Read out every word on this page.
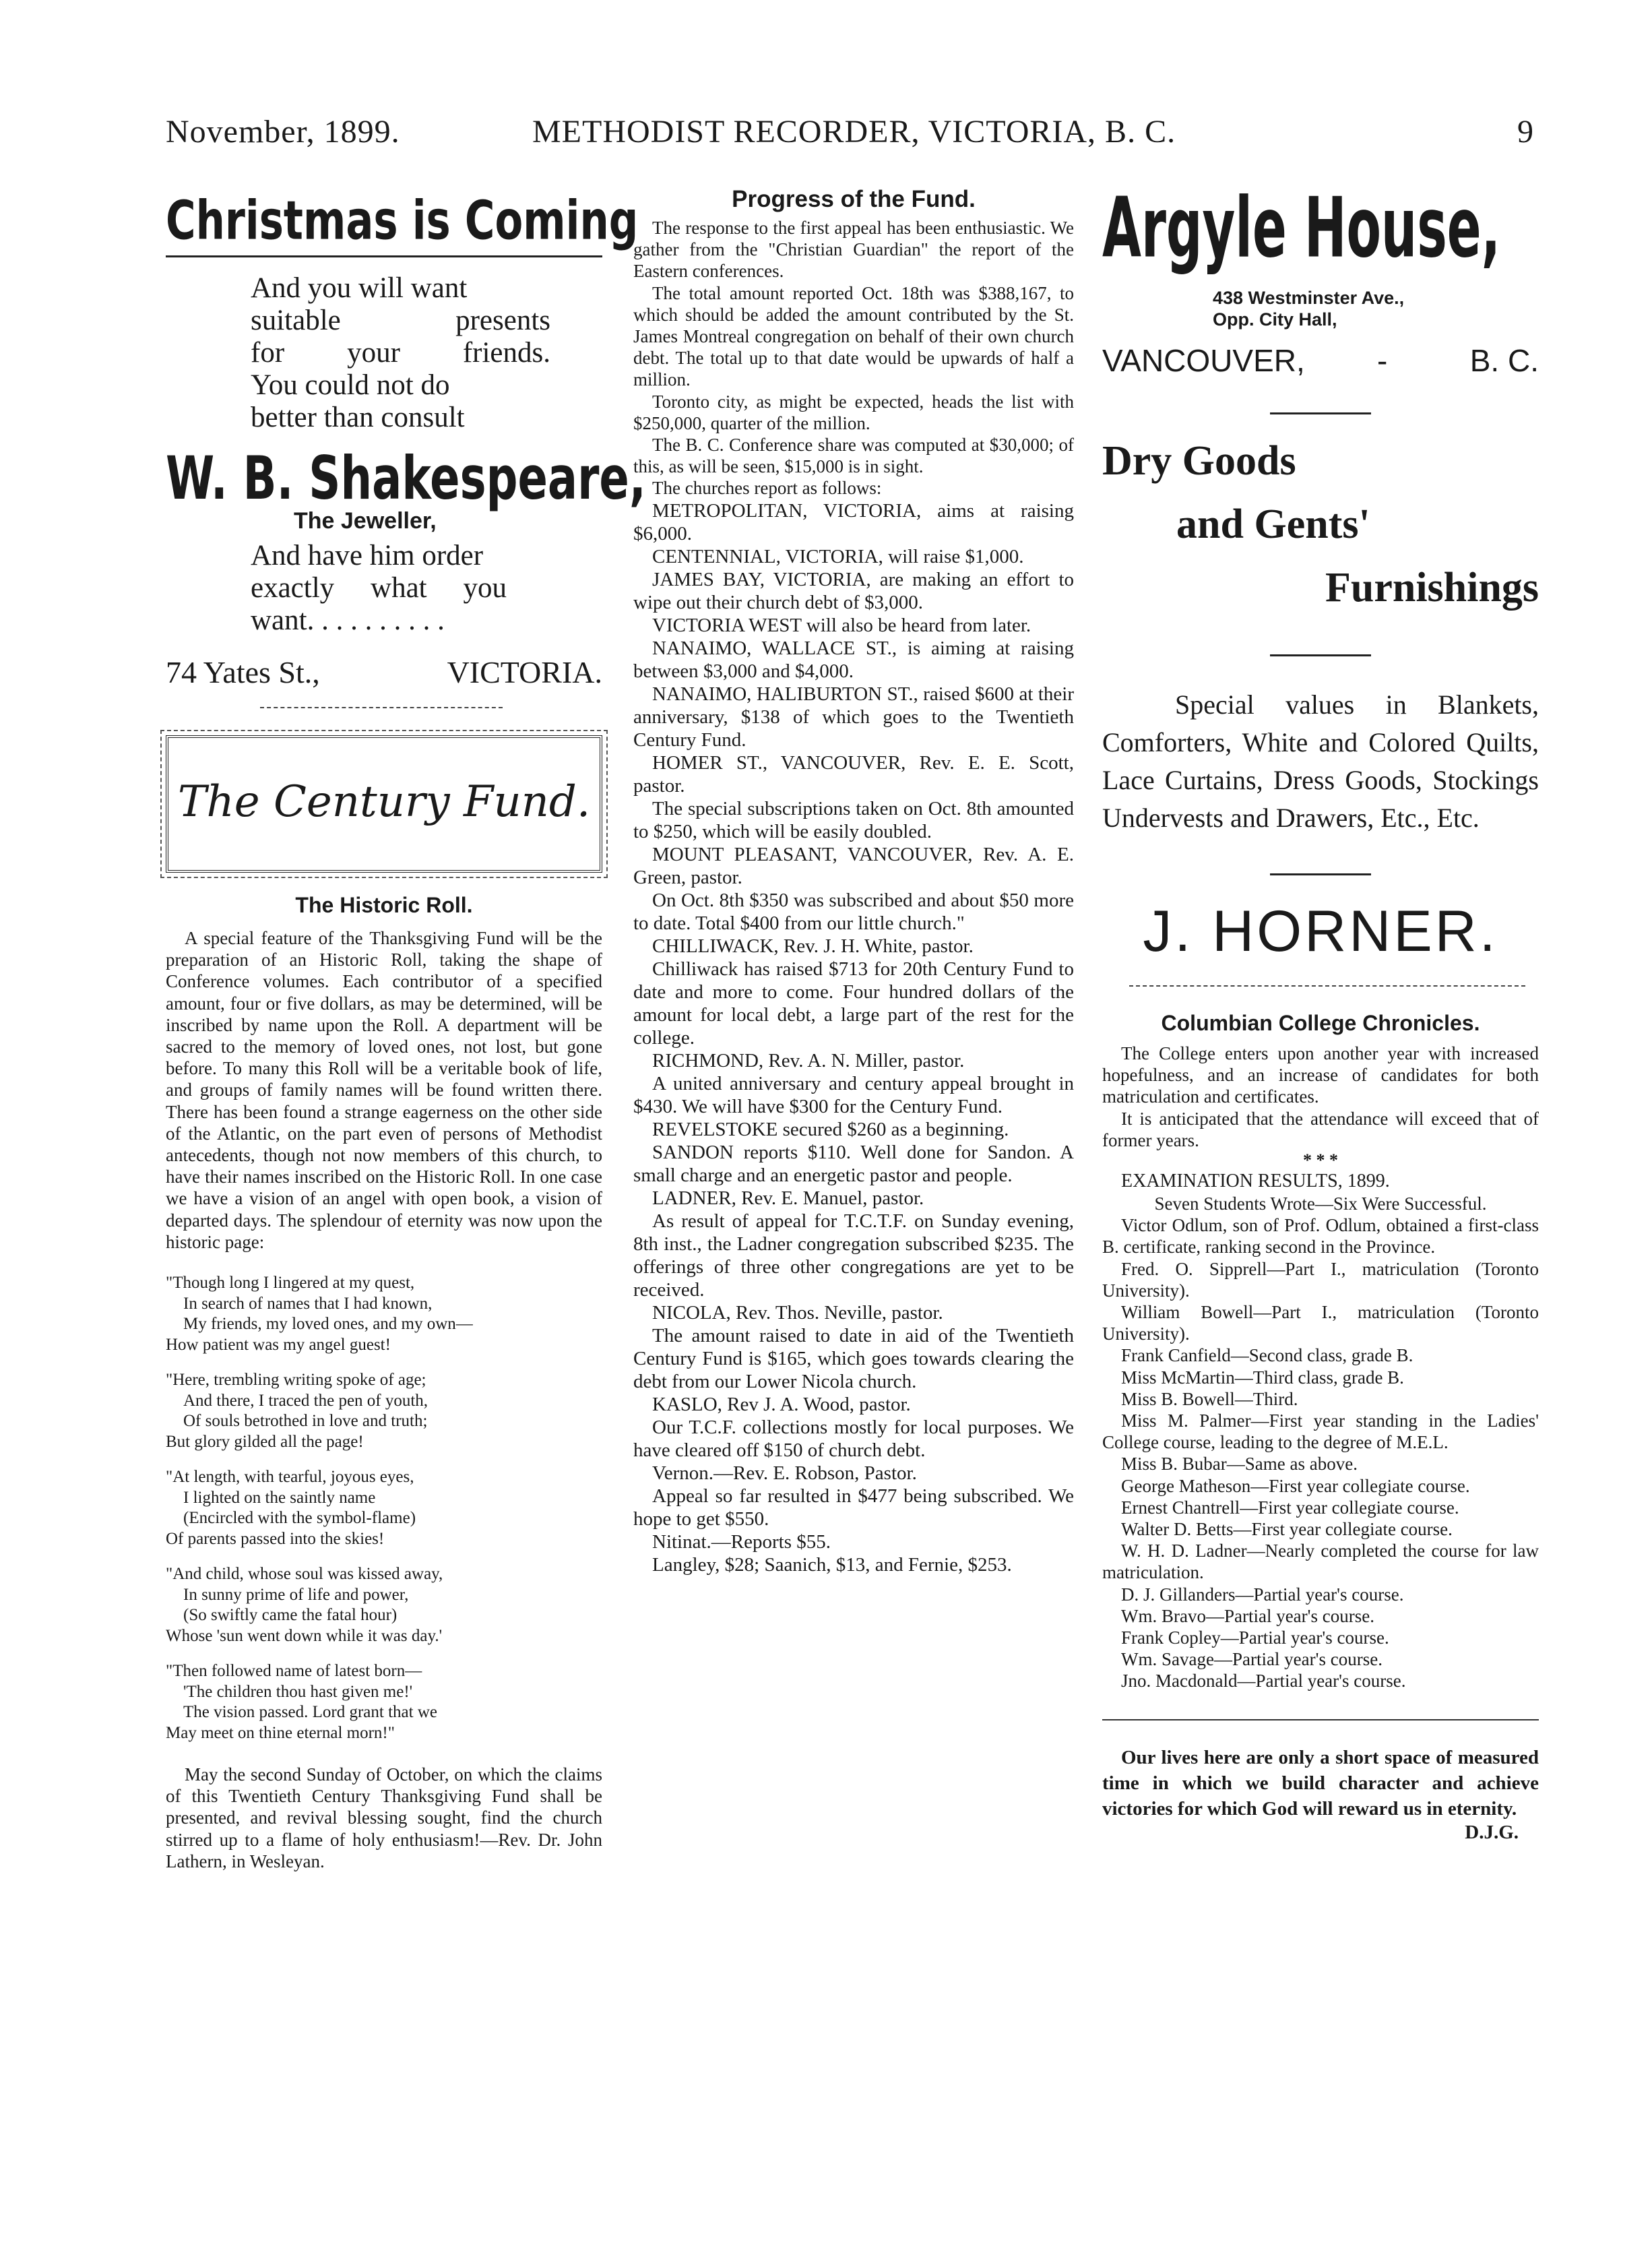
November, 1899.	METHODIST RECORDER, VICTORIA, B. C.	9
Christmas is Coming
And you will want
suitable presents
for your friends.
You could not do
better than consult
W. B. Shakespeare,
The Jeweller,
And have him order
exactly what you
want. . . . . . . . . .
74 Yates St.,	VICTORIA.
The Century Fund.
The Historic Roll.

A special feature of the Thanksgiving Fund will be the preparation of an Historic Roll, taking the shape of Conference volumes. Each contributor of a specified amount, four or five dollars, as may be determined, will be inscribed by name upon the Roll. A department will be sacred to the memory of loved ones, not lost, but gone before. To many this Roll will be a veritable book of life, and groups of family names will be found written there. There has been found a strange eagerness on the other side of the Atlantic, on the part even of persons of Methodist antecedents, though not now members of this church, to have their names inscribed on the Historic Roll. In one case we have a vision of an angel with open book, a vision of departed days. The splendour of eternity was now upon the historic page:

"Though long I lingered at my quest,
In search of names that I had known,
My friends, my loved ones, and my own—
How patient was my angel guest!
"Here, trembling writing spoke of age;
And there, I traced the pen of youth,
Of souls betrothed in love and truth;
But glory gilded all the page!
"At length, with tearful, joyous eyes,
I lighted on the saintly name
(Encircled with the symbol-flame)
Of parents passed into the skies!
"And child, whose soul was kissed away,
In sunny prime of life and power,
(So swiftly came the fatal hour)
Whose 'sun went down while it was day.'
"Then followed name of latest born—
'The children thou hast given me!'
The vision passed. Lord grant that we
May meet on thine eternal morn!"

May the second Sunday of October, on which the claims of this Twentieth Century Thanksgiving Fund shall be presented, and revival blessing sought, find the church stirred up to a flame of holy enthusiasm!—Rev. Dr. John Lathern, in Wesleyan.

Progress of the Fund.

The response to the first appeal has been enthusiastic. We gather from the "Christian Guardian" the report of the Eastern conferences.

The total amount reported Oct. 18th was $388,167, to which should be added the amount contributed by the St. James Montreal congregation on behalf of their own church debt. The total up to that date would be upwards of half a million.

Toronto city, as might be expected, heads the list with $250,000, quarter of the million.

The B. C. Conference share was computed at $30,000; of this, as will be seen, $15,000 is in sight.

The churches report as follows:

METROPOLITAN, VICTORIA, aims at raising $6,000.

CENTENNIAL, VICTORIA, will raise $1,000.

JAMES BAY, VICTORIA, are making an effort to wipe out their church debt of $3,000.

VICTORIA WEST will also be heard from later.

NANAIMO, WALLACE ST., is aiming at raising between $3,000 and $4,000.

NANAIMO, HALIBURTON ST., raised $600 at their anniversary, $138 of which goes to the Twentieth Century Fund.

HOMER ST., VANCOUVER, Rev. E. E. Scott, pastor.

The special subscriptions taken on Oct. 8th amounted to $250, which will be easily doubled.

MOUNT PLEASANT, VANCOUVER, Rev. A. E. Green, pastor.

On Oct. 8th $350 was subscribed and about $50 more to date. Total $400 from our little church."

CHILLIWACK, Rev. J. H. White, pastor.

Chilliwack has raised $713 for 20th Century Fund to date and more to come. Four hundred dollars of the amount for local debt, a large part of the rest for the college.

RICHMOND, Rev. A. N. Miller, pastor.

A united anniversary and century appeal brought in $430. We will have $300 for the Century Fund.

REVELSTOKE secured $260 as a beginning.

SANDON reports $110. Well done for Sandon. A small charge and an energetic pastor and people.

LADNER, Rev. E. Manuel, pastor.

As result of appeal for T.C.T.F. on Sunday evening, 8th inst., the Ladner congregation subscribed $235. The offerings of three other congregations are yet to be received.

NICOLA, Rev. Thos. Neville, pastor.

The amount raised to date in aid of the Twentieth Century Fund is $165, which goes towards clearing the debt from our Lower Nicola church.

KASLO, Rev J. A. Wood, pastor.

Our T.C.F. collections mostly for local purposes. We have cleared off $150 of church debt.

Vernon.—Rev. E. Robson, Pastor.

Appeal so far resulted in $477 being subscribed. We hope to get $550.

Nitinat.—Reports $55.

Langley, $28; Saanich, $13, and Fernie, $253.

Argyle House,
438 Westminster Ave.,
Opp. City Hall,
VANCOUVER, -	B. C.
Dry Goods
and Gents'
Furnishings

Special values in Blankets, Comforters, White and Colored Quilts, Lace Curtains, Dress Goods, Stockings Undervests and Drawers, Etc., Etc.

J. HORNER.
Columbian College Chronicles.

The College enters upon another year with increased hopefulness, and an increase of candidates for both matriculation and certificates.

It is anticipated that the attendance will exceed that of former years.

* * *
EXAMINATION RESULTS, 1899.

Seven Students Wrote—Six Were Successful.

Victor Odlum, son of Prof. Odlum, obtained a first-class B. certificate, ranking second in the Province.

Fred. O. Sipprell—Part I., matriculation (Toronto University).

William Bowell—Part I., matriculation (Toronto University).

Frank Canfield—Second class, grade B.

Miss McMartin—Third class, grade B.

Miss B. Bowell—Third.

Miss M. Palmer—First year standing in the Ladies' College course, leading to the degree of M.E.L.

Miss B. Bubar—Same as above.

George Matheson—First year collegiate course.

Ernest Chantrell—First year collegiate course.

Walter D. Betts—First year collegiate course.

W. H. D. Ladner—Nearly completed the course for law matriculation.

D. J. Gillanders—Partial year's course.

Wm. Bravo—Partial year's course.

Frank Copley—Partial year's course.

Wm. Savage—Partial year's course.

Jno. Macdonald—Partial year's course.

Our lives here are only a short space of measured time in which we build character and achieve victories for which God will reward us in eternity.

D.J.G.
